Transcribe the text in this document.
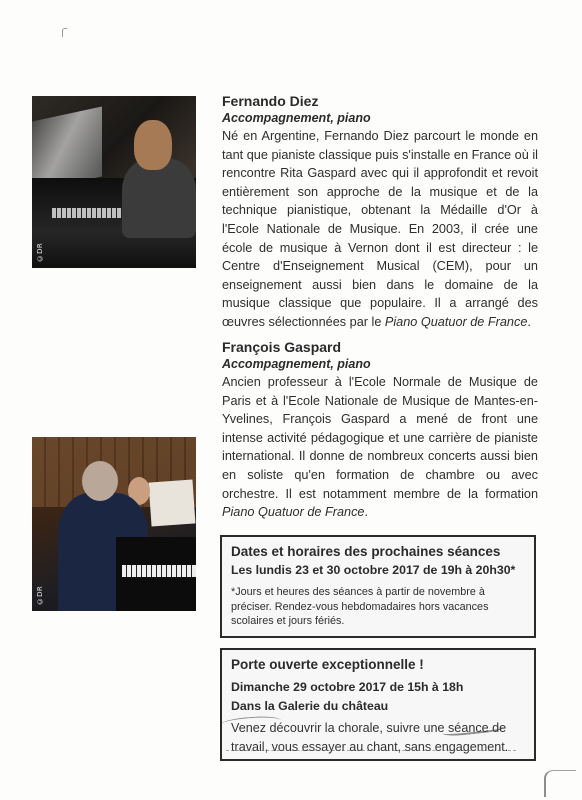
©DR
Fernando Diez
Accompagnement, piano

Né en Argentine, Fernando Diez parcourt le monde en tant que pianiste classique puis s'installe en France où il rencontre Rita Gaspard avec qui il approfondit et revoit entièrement son approche de la musique et de la technique pianistique, obtenant la Médaille d'Or à l'Ecole Nationale de Musique. En 2003, il crée une école de musique à Vernon dont il est directeur : le Centre d'Enseignement Musical (CEM), pour un enseignement aussi bien dans le domaine de la musique classique que populaire. Il a arrangé des œuvres sélectionnées par le Piano Quatuor de France.

François Gaspard
Accompagnement, piano

Ancien professeur à l'Ecole Normale de Musique de Paris et à l'Ecole Nationale de Musique de Mantes-en-Yvelines, François Gaspard a mené de front une intense activité pédagogique et une carrière de pianiste international. Il donne de nombreux concerts aussi bien en soliste qu'en formation de chambre ou avec orchestre. Il est notamment membre de la formation Piano Quatuor de France.

©DR
Dates et horaires des prochaines séances
Les lundis 23 et 30 octobre 2017 de 19h à 20h30*
*Jours et heures des séances à partir de novembre à préciser. Rendez-vous hebdomadaires hors vacances scolaires et jours fériés.
Porte ouverte exceptionnelle !
Dimanche 29 octobre 2017 de 15h à 18h
Dans la Galerie du château
Venez découvrir la chorale, suivre une séance de travail, vous essayer au chant, sans engagement.
